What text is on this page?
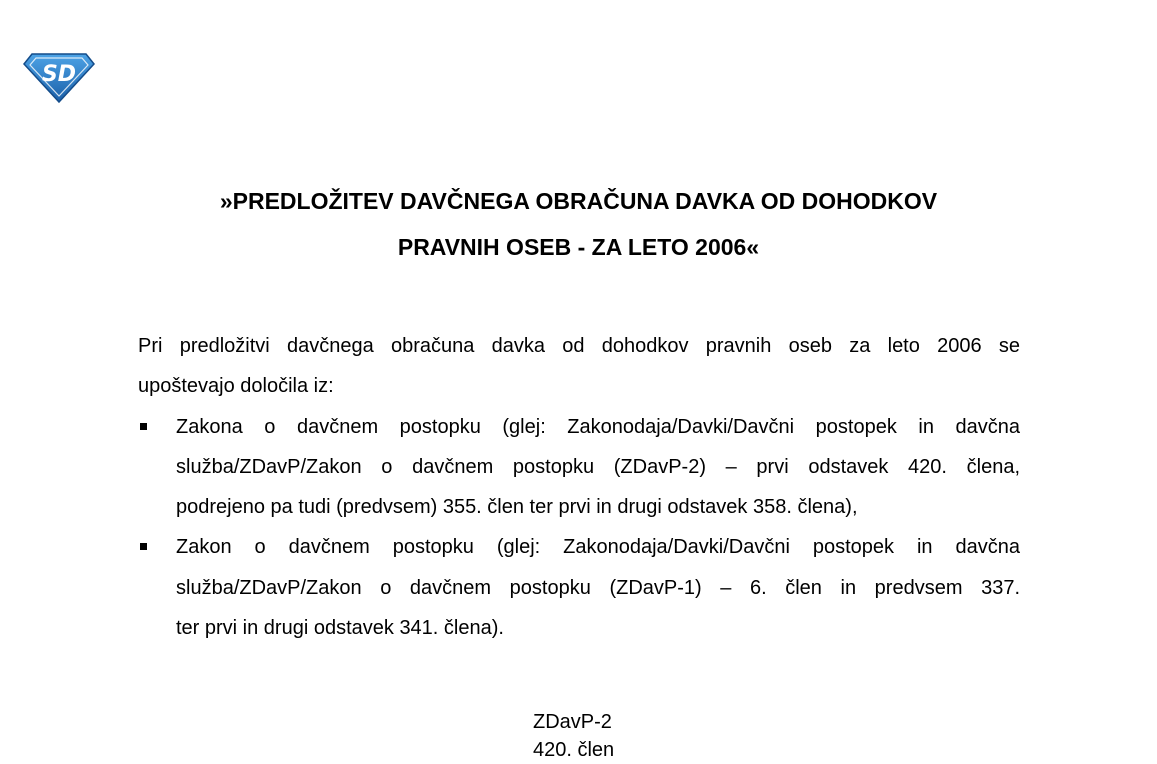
SD
»PREDLOŽITEV DAVČNEGA OBRAČUNA DAVKA OD DOHODKOV
PRAVNIH OSEB - ZA LETO 2006«

Pri predložitvi davčnega obračuna davka od dohodkov pravnih oseb za leto 2006 se
upoštevajo določila iz:

Zakona o davčnem postopku (glej: Zakonodaja/Davki/Davčni postopek in davčna
služba/ZDavP/Zakon o davčnem postopku (ZDavP-2) – prvi odstavek 420. člena,
podrejeno pa tudi (predvsem) 355. člen ter prvi in drugi odstavek 358. člena),
Zakon o davčnem postopku (glej: Zakonodaja/Davki/Davčni postopek in davčna
služba/ZDavP/Zakon o davčnem postopku (ZDavP-1) – 6. člen in predvsem 337.
ter prvi in drugi odstavek 341. člena).
ZDavP-2
420. člen
